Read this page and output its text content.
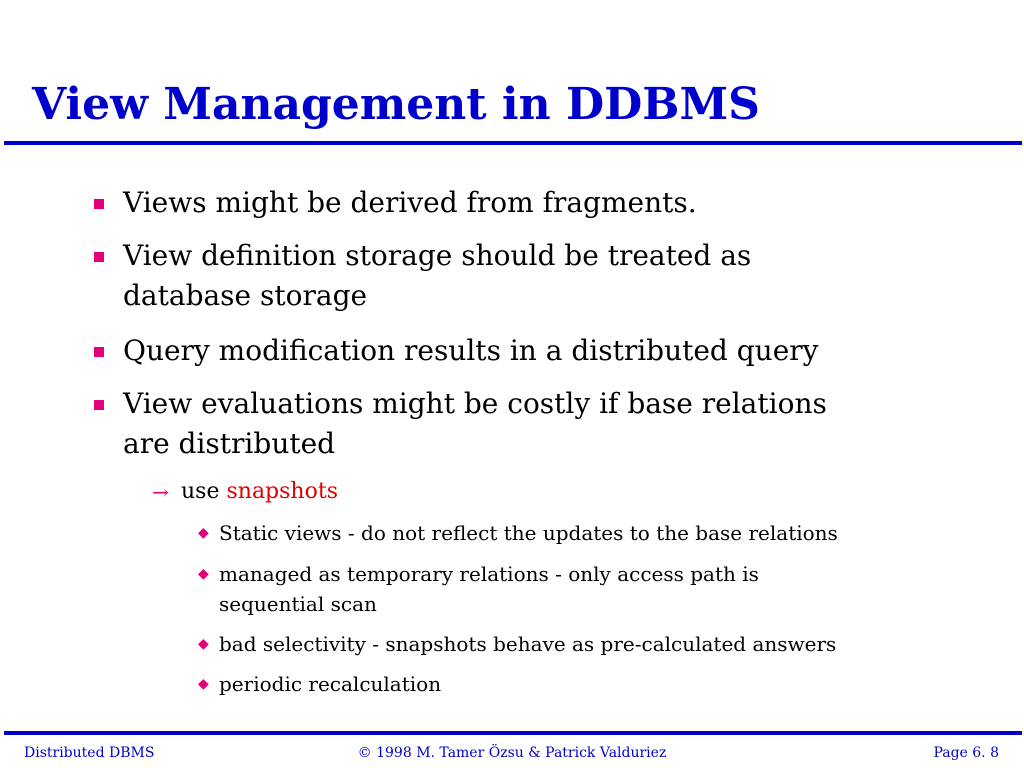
View Management in DDBMS
Views might be derived from fragments.
View definition storage should be treated as
database storage
Query modification results in a distributed query
View evaluations might be costly if base relations
are distributed
→ use snapshots
◆ Static views - do not reflect the updates to the base relations
◆ managed as temporary relations - only access path is
sequential scan
◆ bad selectivity - snapshots behave as pre-calculated answers
◆ periodic recalculation
Distributed DBMS	© 1998 M. Tamer Özsu & Patrick Valduriez	Page 6. 8
